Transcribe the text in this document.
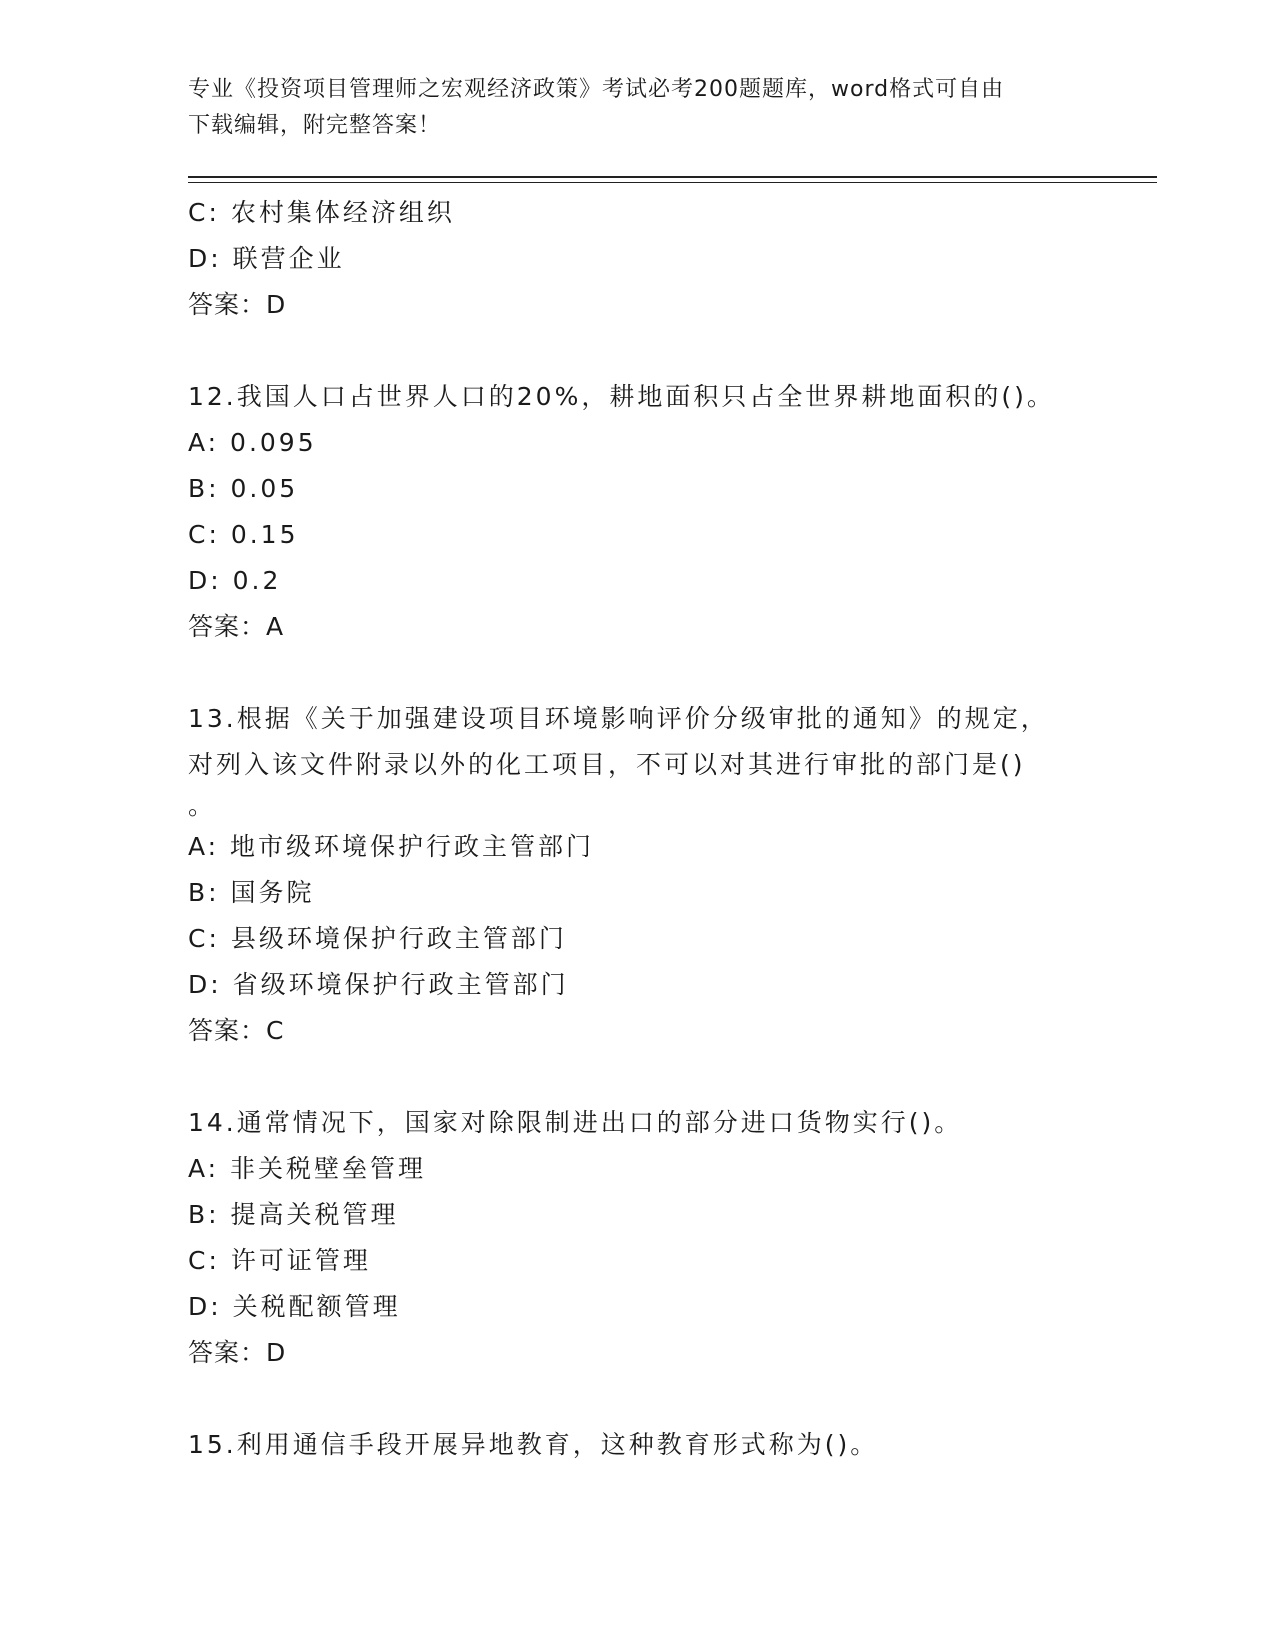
专业《投资项目管理师之宏观经济政策》考试必考200题题库，word格式可自由
下载编辑，附完整答案！
C: 农村集体经济组织
D: 联营企业
答案：D
12.我国人口占世界人口的20%，耕地面积只占全世界耕地面积的()。
A: 0.095
B: 0.05
C: 0.15
D: 0.2
答案：A
13.根据《关于加强建设项目环境影响评价分级审批的通知》的规定，
对列入该文件附录以外的化工项目，不可以对其进行审批的部门是()
。
A: 地市级环境保护行政主管部门
B: 国务院
C: 县级环境保护行政主管部门
D: 省级环境保护行政主管部门
答案：C
14.通常情况下，国家对除限制进出口的部分进口货物实行()。
A: 非关税壁垒管理
B: 提高关税管理
C: 许可证管理
D: 关税配额管理
答案：D
15.利用通信手段开展异地教育，这种教育形式称为()。
